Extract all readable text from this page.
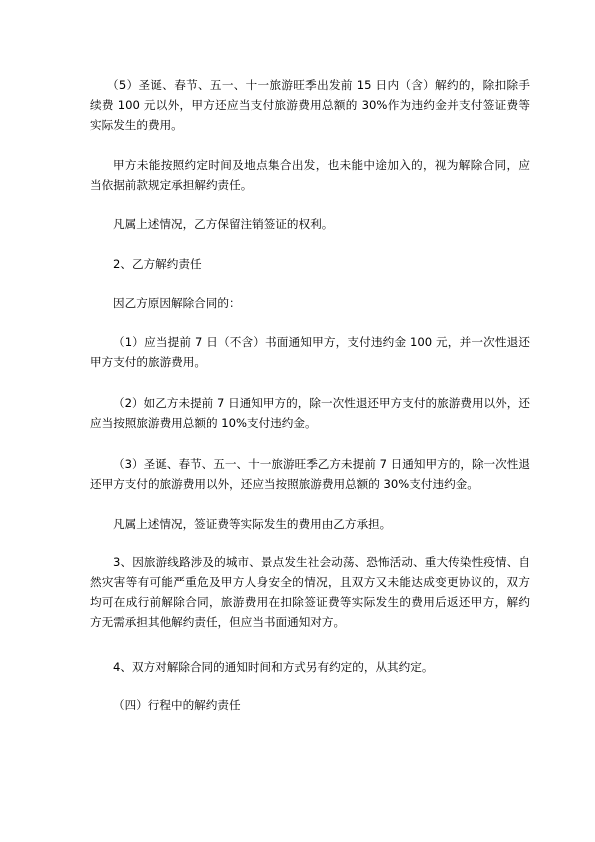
（5）圣诞、春节、五一、十一旅游旺季出发前 15 日内（含）解约的，除扣除手续费 100 元以外，甲方还应当支付旅游费用总额的 30%作为违约金并支付签证费等实际发生的费用。

甲方未能按照约定时间及地点集合出发，也未能中途加入的，视为解除合同，应当依据前款规定承担解约责任。

凡属上述情况，乙方保留注销签证的权利。

2、乙方解约责任

因乙方原因解除合同的：

（1）应当提前 7 日（不含）书面通知甲方，支付违约金 100 元，并一次性退还甲方支付的旅游费用。

（2）如乙方未提前 7 日通知甲方的，除一次性退还甲方支付的旅游费用以外，还应当按照旅游费用总额的 10%支付违约金。

（3）圣诞、春节、五一、十一旅游旺季乙方未提前 7 日通知甲方的，除一次性退还甲方支付的旅游费用以外，还应当按照旅游费用总额的 30%支付违约金。

凡属上述情况，签证费等实际发生的费用由乙方承担。

3、因旅游线路涉及的城市、景点发生社会动荡、恐怖活动、重大传染性疫情、自然灾害等有可能严重危及甲方人身安全的情况，且双方又未能达成变更协议的，双方均可在成行前解除合同，旅游费用在扣除签证费等实际发生的费用后返还甲方，解约方无需承担其他解约责任，但应当书面通知对方。

4、双方对解除合同的通知时间和方式另有约定的，从其约定。

（四）行程中的解约责任
